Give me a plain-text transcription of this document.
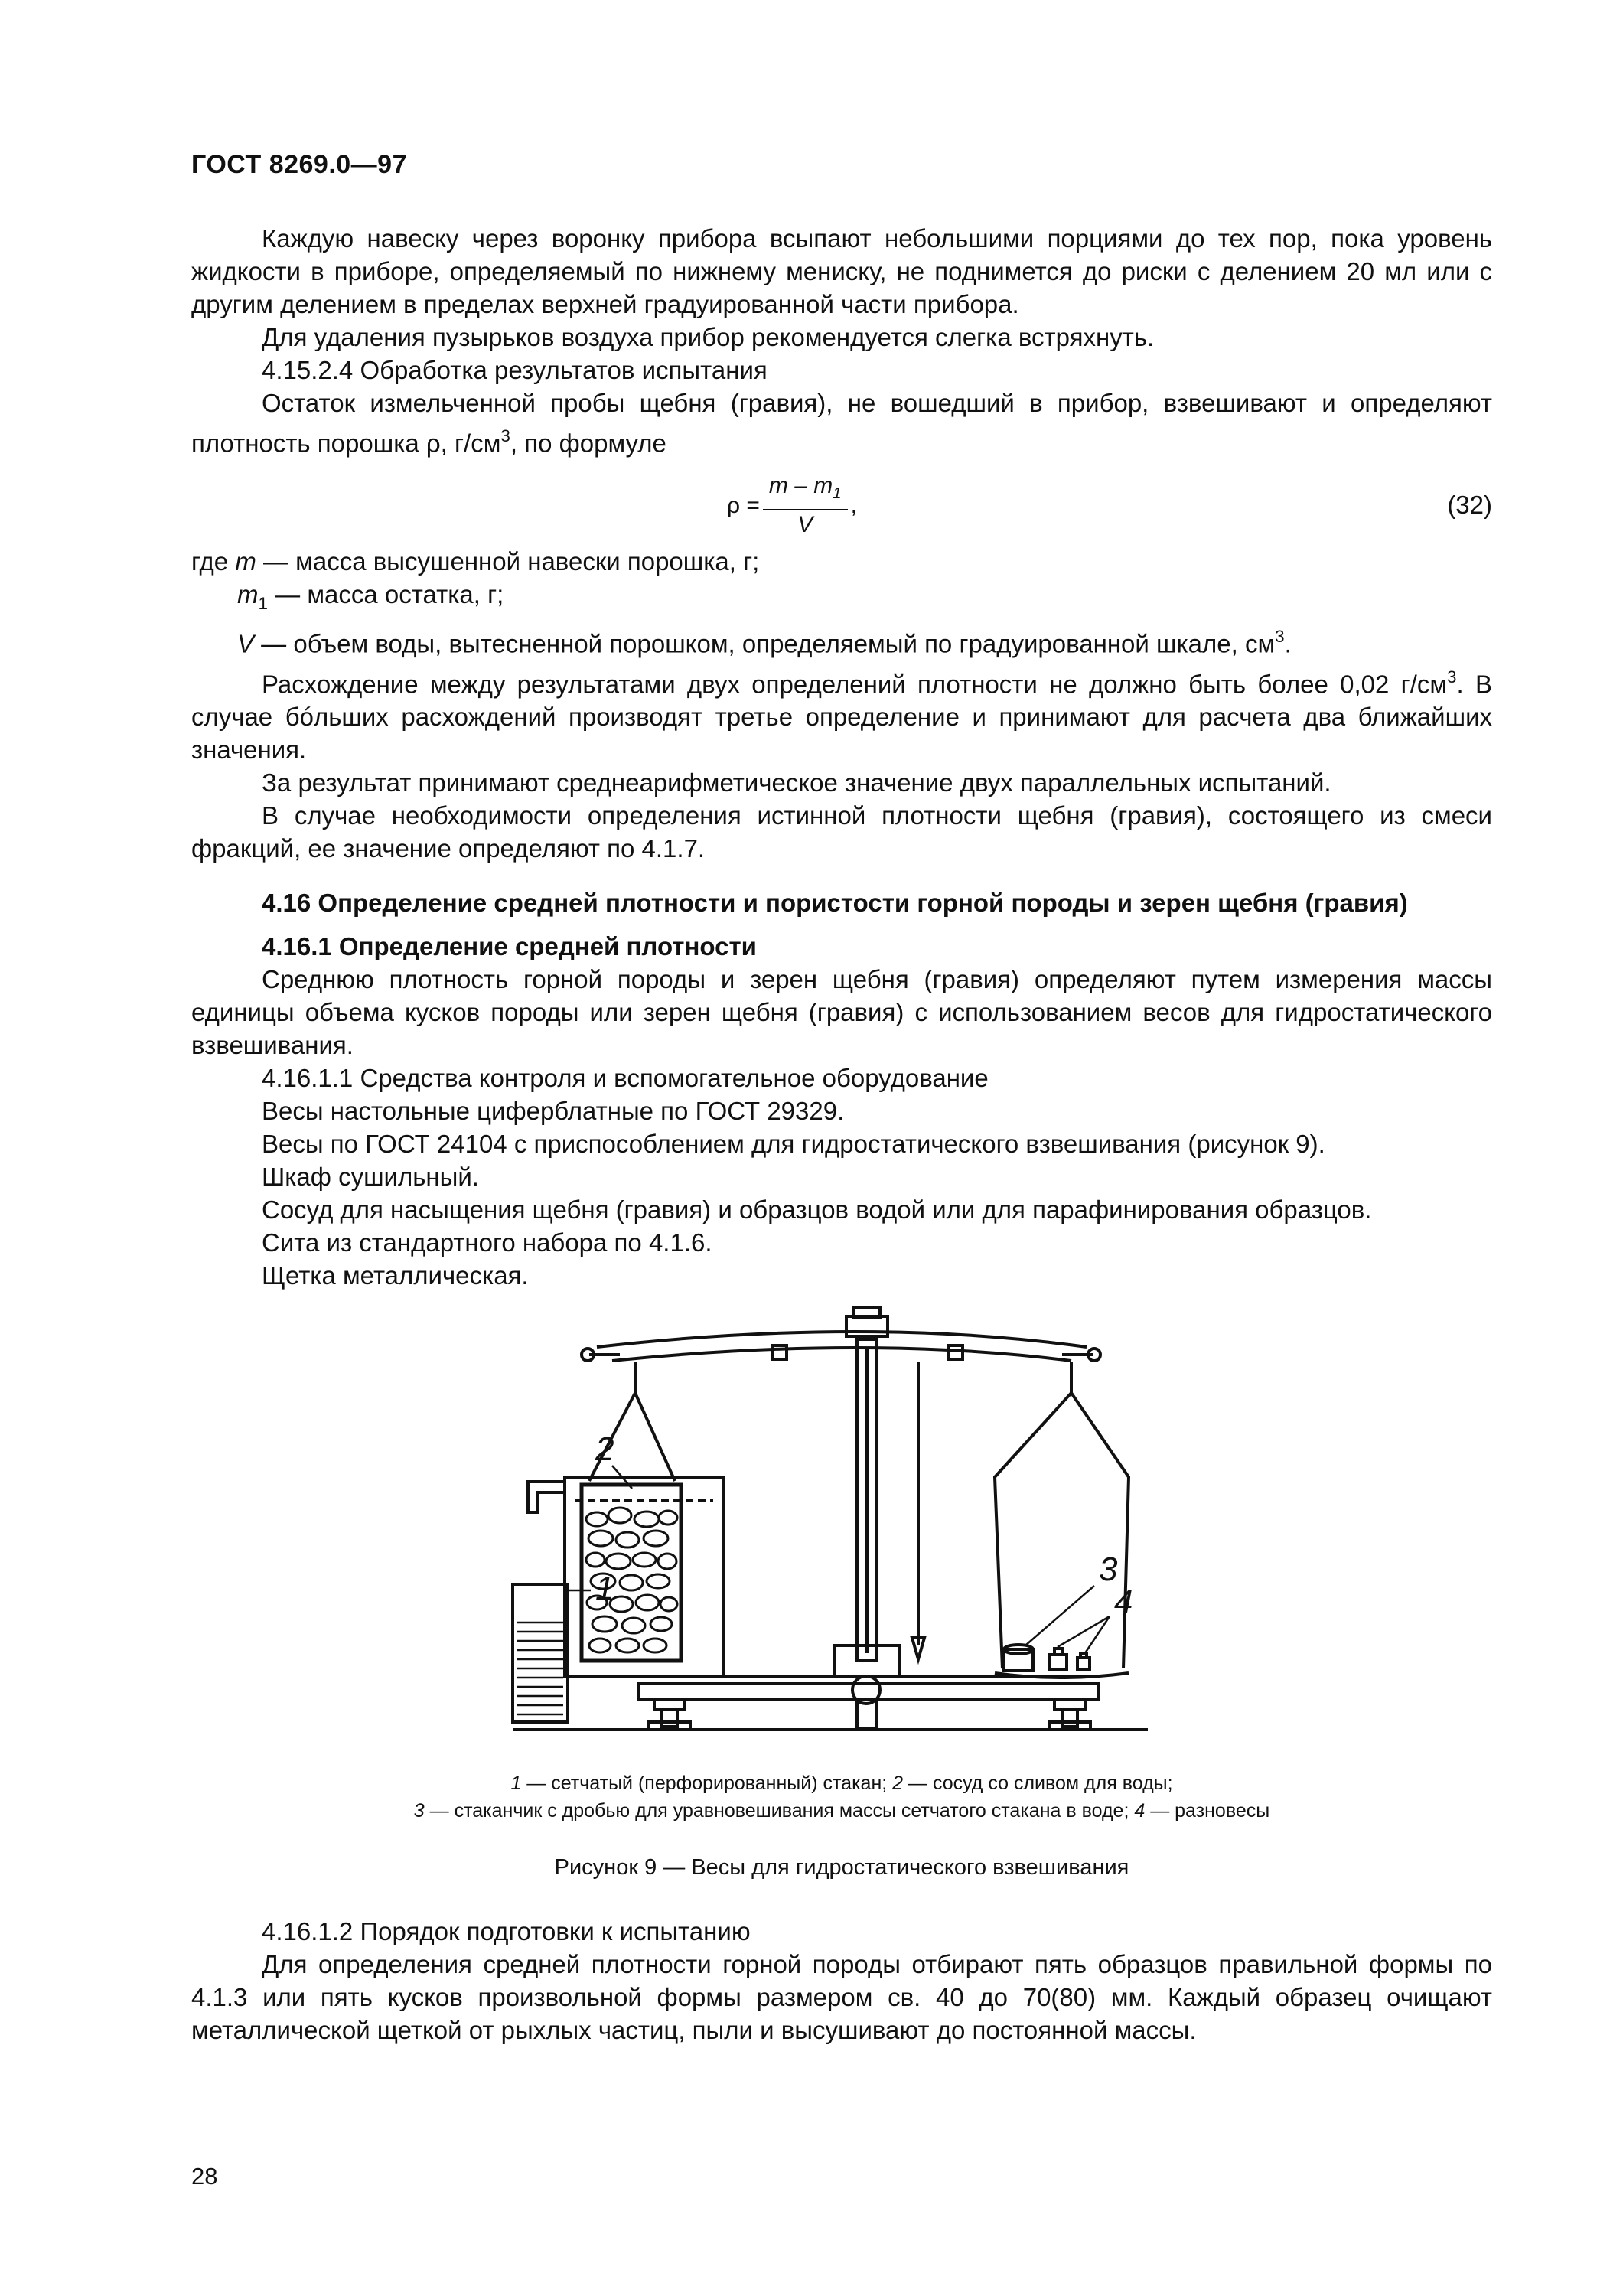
ГОСТ 8269.0—97

Каждую навеску через воронку прибора всыпают небольшими порциями до тех пор, пока уровень жидкости в приборе, определяемый по нижнему мениску, не поднимется до риски с делением 20 мл или с другим делением в пределах верхней градуированной части прибора.

Для удаления пузырьков воздуха прибор рекомендуется слегка встряхнуть.

4.15.2.4 Обработка результатов испытания

Остаток измельченной пробы щебня (гравия), не вошедший в прибор, взвешивают и определяют плотность порошка ρ, $г/см^3$, по формуле

$\rho = \frac{m - m_1}{V}$ ,	(32)

где m — масса высушенной навески порошка, г;

$m_1$ — масса остатка, г;

V — объем воды, вытесненной порошком, определяемый по градуированной шкале, $см^3$.

Расхождение между результатами двух определений плотности не должно быть более 0,02 $г/см^3$. В случае бóльших расхождений производят третье определение и принимают для расчета два ближайших значения.

За результат принимают среднеарифметическое значение двух параллельных испытаний.

В случае необходимости определения истинной плотности щебня (гравия), состоящего из смеси фракций, ее значение определяют по 4.1.7.

4.16 Определение средней плотности и пористости горной породы и зерен щебня (гравия)
4.16.1 Определение средней плотности

Среднюю плотность горной породы и зерен щебня (гравия) определяют путем измерения массы единицы объема кусков породы или зерен щебня (гравия) с использованием весов для гидростатического взвешивания.

4.16.1.1 Средства контроля и вспомогательное оборудование

Весы настольные циферблатные по ГОСТ 29329.

Весы по ГОСТ 24104 с приспособлением для гидростатического взвешивания (рисунок 9).

Шкаф сушильный.

Сосуд для насыщения щебня (гравия) и образцов водой или для парафинирования образцов.

Сита из стандартного набора по 4.1.6.

Щетка металлическая.

2
1
3
4
1 — сетчатый (перфорированный) стакан; 2 — сосуд со сливом для воды;
3 — стаканчик с дробью для уравновешивания массы сетчатого стакана в воде; 4 — разновесы
Рисунок 9 — Весы для гидростатического взвешивания

4.16.1.2 Порядок подготовки к испытанию

Для определения средней плотности горной породы отбирают пять образцов правильной формы по 4.1.3 или пять кусков произвольной формы размером св. 40 до 70(80) мм. Каждый образец очищают металлической щеткой от рыхлых частиц, пыли и высушивают до постоянной массы.

28
